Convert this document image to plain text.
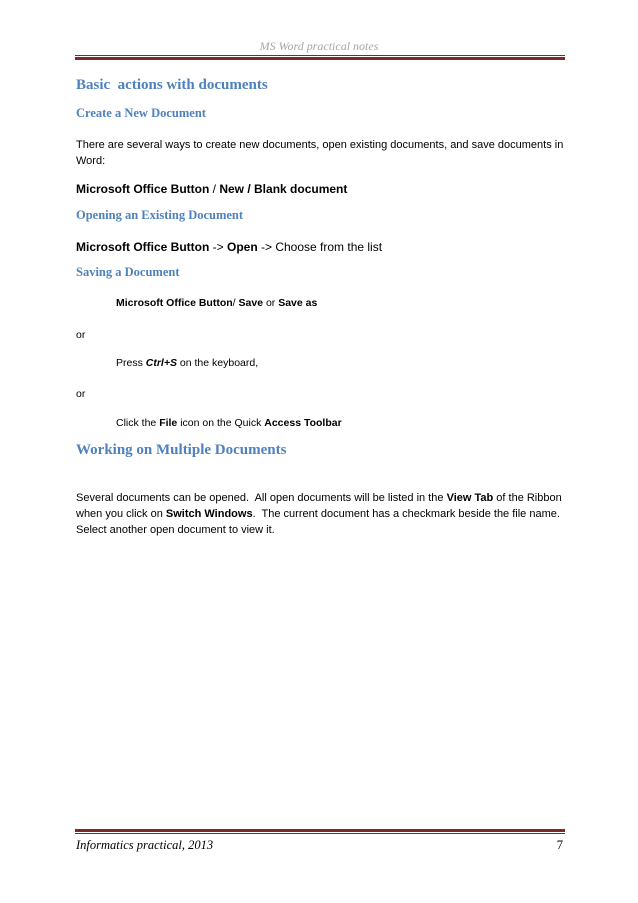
MS Word practical notes
Basic  actions with documents
Create a New Document
There are several ways to create new documents, open existing documents, and save documents in
Word:
Microsoft Office Button / New / Blank document
Opening an Existing Document
Microsoft Office Button -> Open -> Choose from the list
Saving a Document
Microsoft Office Button/ Save or Save as
or
Press Ctrl+S on the keyboard,
or
Click the File icon on the Quick Access Toolbar
Working on Multiple Documents
Several documents can be opened.  All open documents will be listed in the View Tab of the Ribbon
when you click on Switch Windows.  The current document has a checkmark beside the file name.
Select another open document to view it.
Informatics practical, 2013	7
